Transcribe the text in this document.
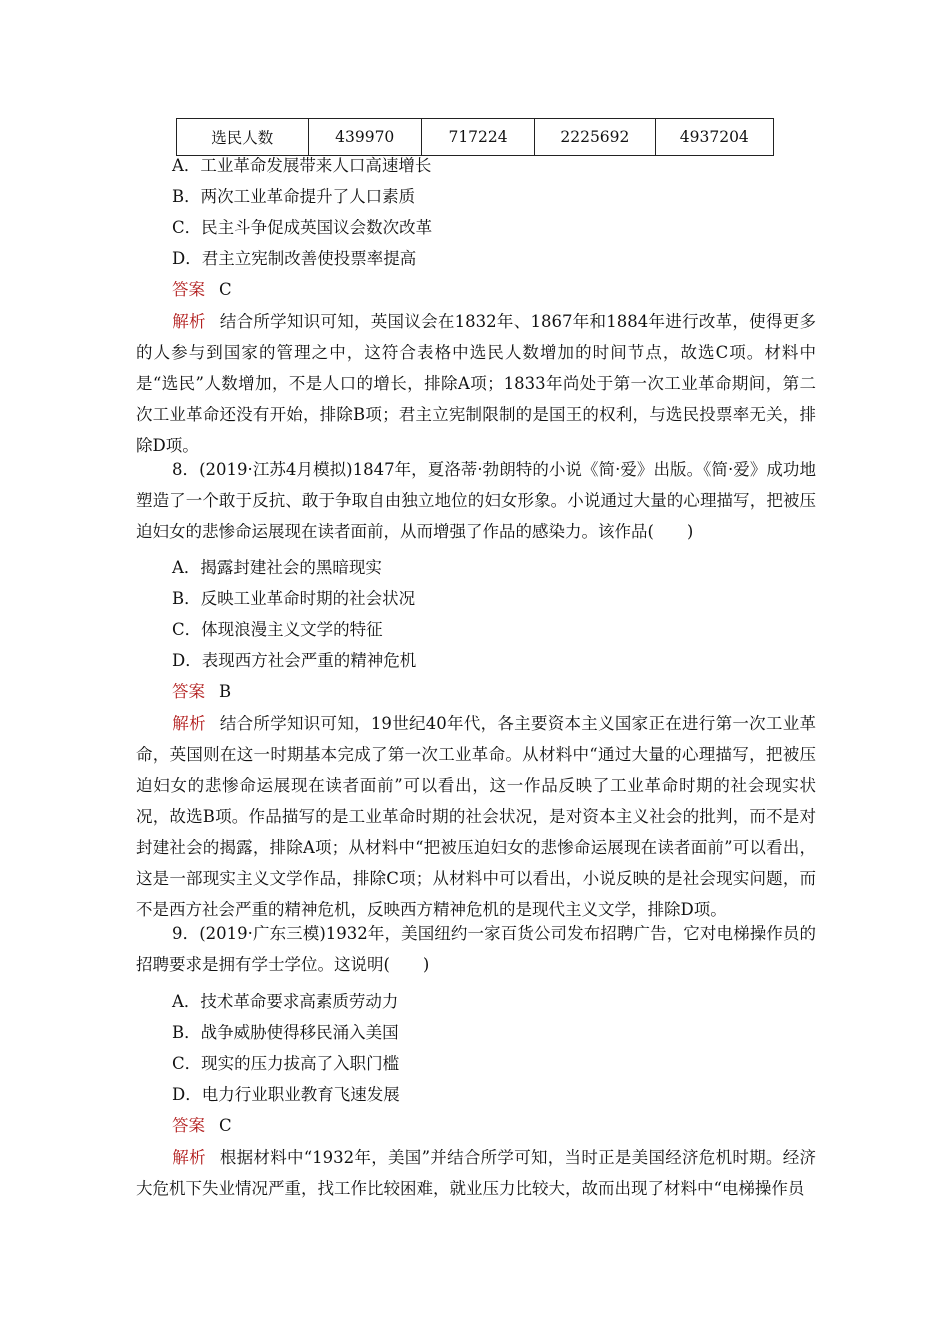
选民人数	439970	717224	2225692	4937204
A．工业革命发展带来人口高速增长
B．两次工业革命提升了人口素质
C．民主斗争促成英国议会数次改革
D．君主立宪制改善使投票率提高
答案 C
解析 结合所学知识可知，英国议会在1832年、1867年和1884年进行改革，使得更多的人参与到国家的管理之中，这符合表格中选民人数增加的时间节点，故选C项。材料中是“选民”人数增加，不是人口的增长，排除A项；1833年尚处于第一次工业革命期间，第二次工业革命还没有开始，排除B项；君主立宪制限制的是国王的权利，与选民投票率无关，排除D项。
8．(2019·江苏4月模拟)1847年，夏洛蒂·勃朗特的小说《简·爱》出版。《简·爱》成功地塑造了一个敢于反抗、敢于争取自由独立地位的妇女形象。小说通过大量的心理描写，把被压迫妇女的悲惨命运展现在读者面前，从而增强了作品的感染力。该作品(　　)
A．揭露封建社会的黑暗现实
B．反映工业革命时期的社会状况
C．体现浪漫主义文学的特征
D．表现西方社会严重的精神危机
答案 B
解析 结合所学知识可知，19世纪40年代，各主要资本主义国家正在进行第一次工业革命，英国则在这一时期基本完成了第一次工业革命。从材料中“通过大量的心理描写，把被压迫妇女的悲惨命运展现在读者面前”可以看出，这一作品反映了工业革命时期的社会现实状况，故选B项。作品描写的是工业革命时期的社会状况，是对资本主义社会的批判，而不是对封建社会的揭露，排除A项；从材料中“把被压迫妇女的悲惨命运展现在读者面前”可以看出，这是一部现实主义文学作品，排除C项；从材料中可以看出，小说反映的是社会现实问题，而不是西方社会严重的精神危机，反映西方精神危机的是现代主义文学，排除D项。
9．(2019·广东三模)1932年，美国纽约一家百货公司发布招聘广告，它对电梯操作员的招聘要求是拥有学士学位。这说明(　　)
A．技术革命要求高素质劳动力
B．战争威胁使得移民涌入美国
C．现实的压力拔高了入职门槛
D．电力行业职业教育飞速发展
答案 C
解析 根据材料中“1932年，美国”并结合所学可知，当时正是美国经济危机时期。经济大危机下失业情况严重，找工作比较困难，就业压力比较大，故而出现了材料中“电梯操作员
